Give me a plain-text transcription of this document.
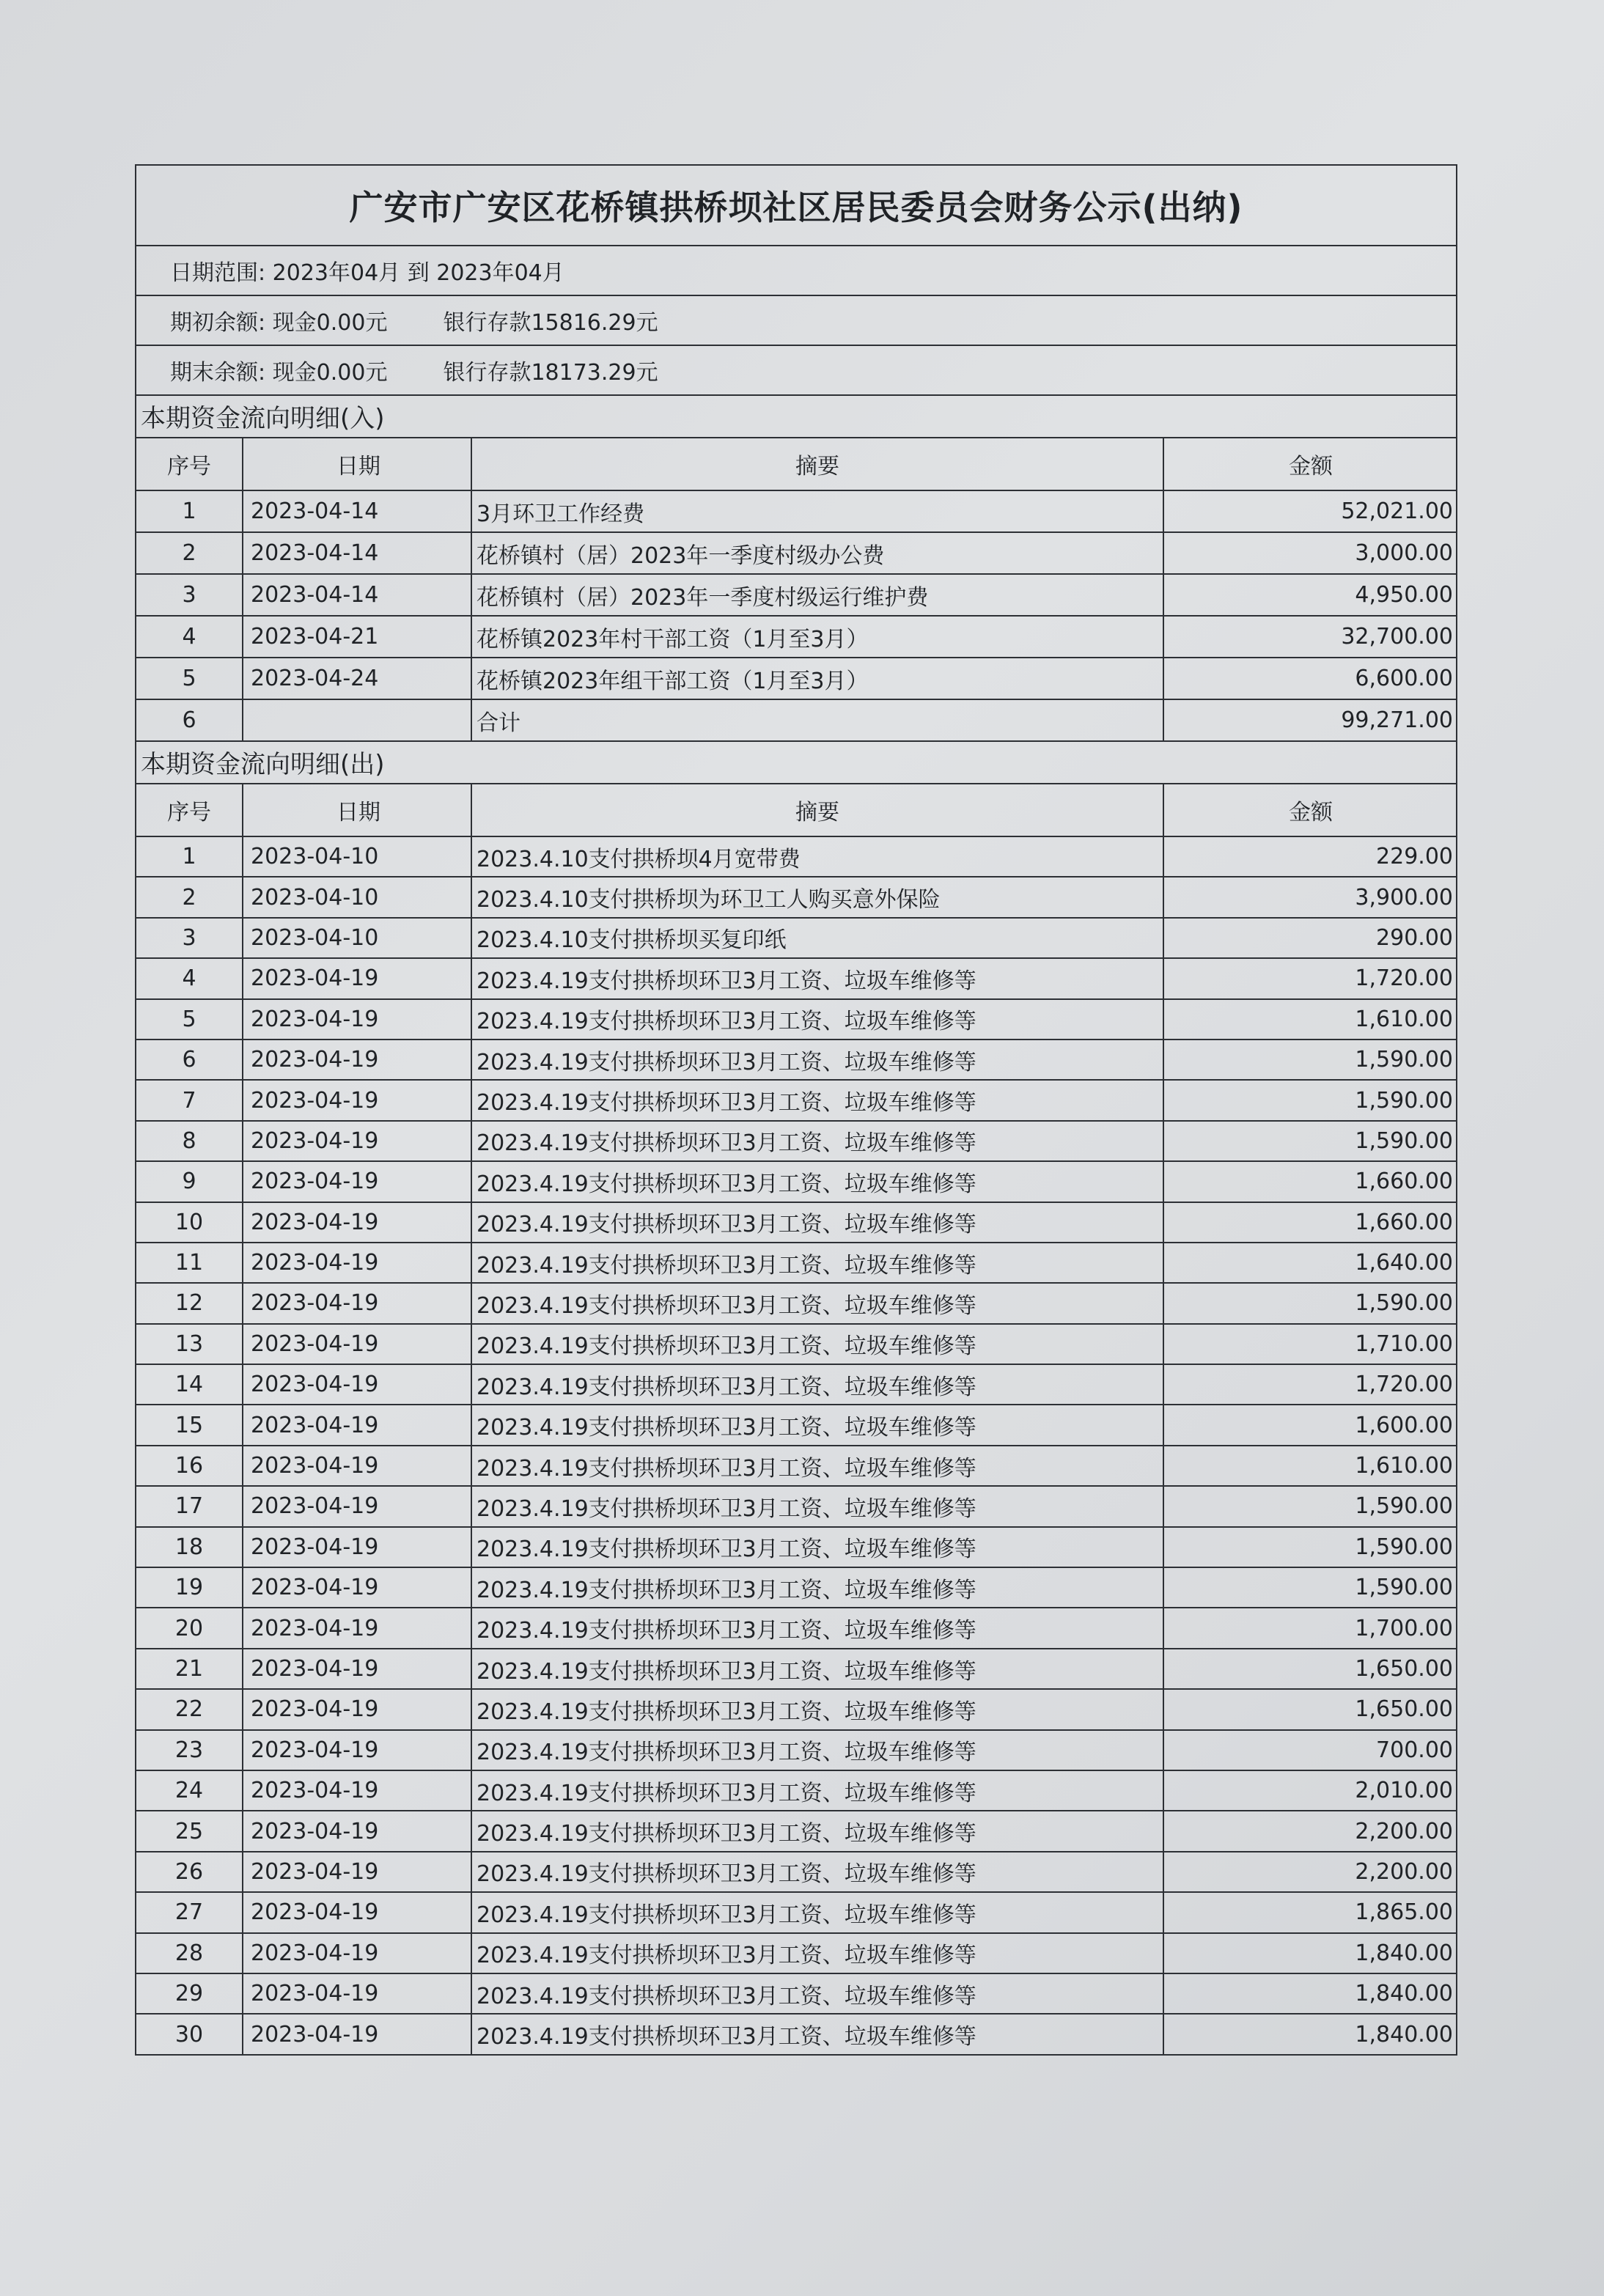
广安市广安区花桥镇拱桥坝社区居民委员会财务公示(出纳)
日期范围: 2023年04月 到 2023年04月
期初余额: 现金0.00元	银行存款15816.29元
期末余额: 现金0.00元	银行存款18173.29元
本期资金流向明细(入)
序号	日期	摘要	金额
1	2023-04-14	3月环卫工作经费	52,021.00
2	2023-04-14	花桥镇村（居）2023年一季度村级办公费	3,000.00
3	2023-04-14	花桥镇村（居）2023年一季度村级运行维护费	4,950.00
4	2023-04-21	花桥镇2023年村干部工资（1月至3月）	32,700.00
5	2023-04-24	花桥镇2023年组干部工资（1月至3月）	6,600.00
6		合计	99,271.00
本期资金流向明细(出)
序号	日期	摘要	金额
1	2023-04-10	2023.4.10支付拱桥坝4月宽带费	229.00
2	2023-04-10	2023.4.10支付拱桥坝为环卫工人购买意外保险	3,900.00
3	2023-04-10	2023.4.10支付拱桥坝买复印纸	290.00
4	2023-04-19	2023.4.19支付拱桥坝环卫3月工资、垃圾车维修等	1,720.00
5	2023-04-19	2023.4.19支付拱桥坝环卫3月工资、垃圾车维修等	1,610.00
6	2023-04-19	2023.4.19支付拱桥坝环卫3月工资、垃圾车维修等	1,590.00
7	2023-04-19	2023.4.19支付拱桥坝环卫3月工资、垃圾车维修等	1,590.00
8	2023-04-19	2023.4.19支付拱桥坝环卫3月工资、垃圾车维修等	1,590.00
9	2023-04-19	2023.4.19支付拱桥坝环卫3月工资、垃圾车维修等	1,660.00
10	2023-04-19	2023.4.19支付拱桥坝环卫3月工资、垃圾车维修等	1,660.00
11	2023-04-19	2023.4.19支付拱桥坝环卫3月工资、垃圾车维修等	1,640.00
12	2023-04-19	2023.4.19支付拱桥坝环卫3月工资、垃圾车维修等	1,590.00
13	2023-04-19	2023.4.19支付拱桥坝环卫3月工资、垃圾车维修等	1,710.00
14	2023-04-19	2023.4.19支付拱桥坝环卫3月工资、垃圾车维修等	1,720.00
15	2023-04-19	2023.4.19支付拱桥坝环卫3月工资、垃圾车维修等	1,600.00
16	2023-04-19	2023.4.19支付拱桥坝环卫3月工资、垃圾车维修等	1,610.00
17	2023-04-19	2023.4.19支付拱桥坝环卫3月工资、垃圾车维修等	1,590.00
18	2023-04-19	2023.4.19支付拱桥坝环卫3月工资、垃圾车维修等	1,590.00
19	2023-04-19	2023.4.19支付拱桥坝环卫3月工资、垃圾车维修等	1,590.00
20	2023-04-19	2023.4.19支付拱桥坝环卫3月工资、垃圾车维修等	1,700.00
21	2023-04-19	2023.4.19支付拱桥坝环卫3月工资、垃圾车维修等	1,650.00
22	2023-04-19	2023.4.19支付拱桥坝环卫3月工资、垃圾车维修等	1,650.00
23	2023-04-19	2023.4.19支付拱桥坝环卫3月工资、垃圾车维修等	700.00
24	2023-04-19	2023.4.19支付拱桥坝环卫3月工资、垃圾车维修等	2,010.00
25	2023-04-19	2023.4.19支付拱桥坝环卫3月工资、垃圾车维修等	2,200.00
26	2023-04-19	2023.4.19支付拱桥坝环卫3月工资、垃圾车维修等	2,200.00
27	2023-04-19	2023.4.19支付拱桥坝环卫3月工资、垃圾车维修等	1,865.00
28	2023-04-19	2023.4.19支付拱桥坝环卫3月工资、垃圾车维修等	1,840.00
29	2023-04-19	2023.4.19支付拱桥坝环卫3月工资、垃圾车维修等	1,840.00
30	2023-04-19	2023.4.19支付拱桥坝环卫3月工资、垃圾车维修等	1,840.00
